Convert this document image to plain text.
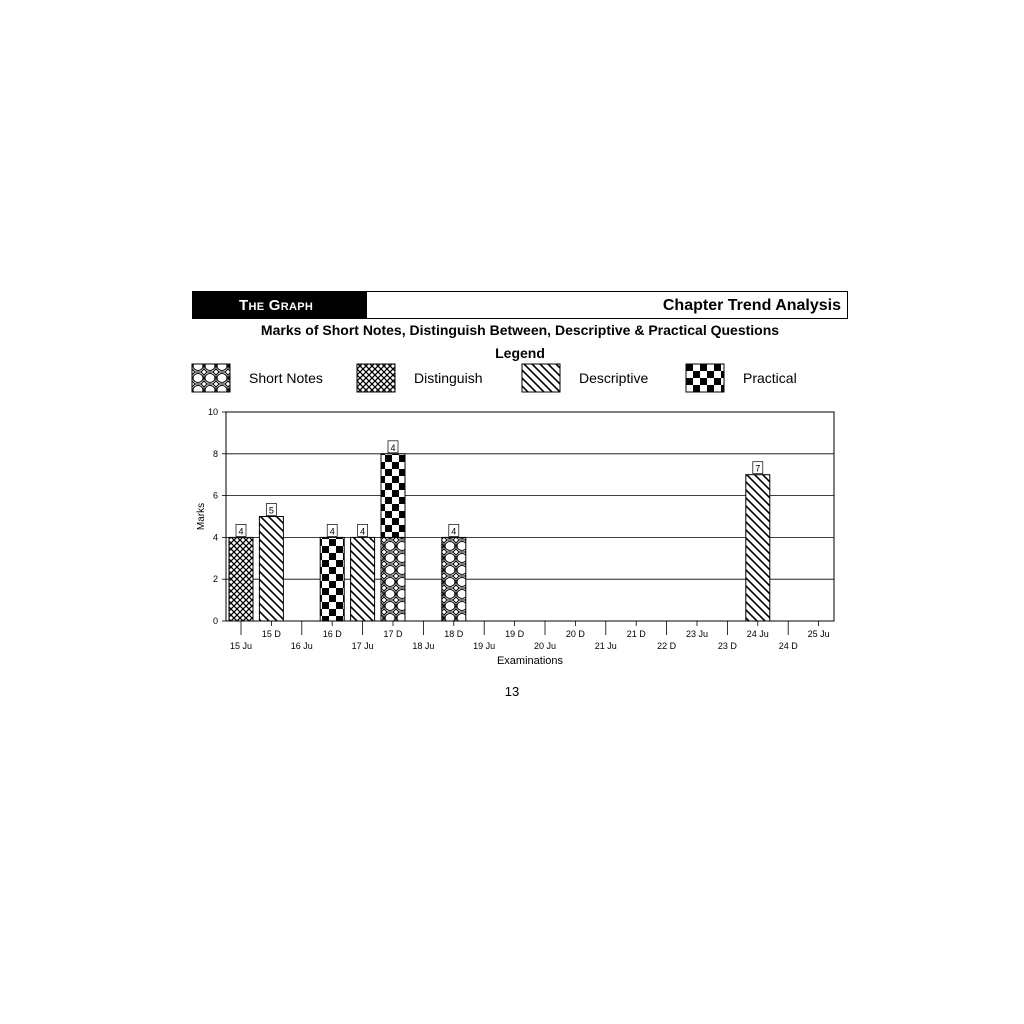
The Graph	Chapter Trend Analysis
Marks of Short Notes, Distinguish Between, Descriptive & Practical Questions
Legend
Short Notes	Distinguish	Descriptive	Practical
4
5
4	4
4
4
7
0
2
4
6
8
10
Marks
15 Ju
15 D
16 Ju
16 D
17 Ju
17 D
18 Ju
18 D
19 Ju
19 D
20 Ju
20 D
21 Ju
21 D
22 D
23 Ju
23 D
24 Ju
24 D
25 Ju
Examinations
13
